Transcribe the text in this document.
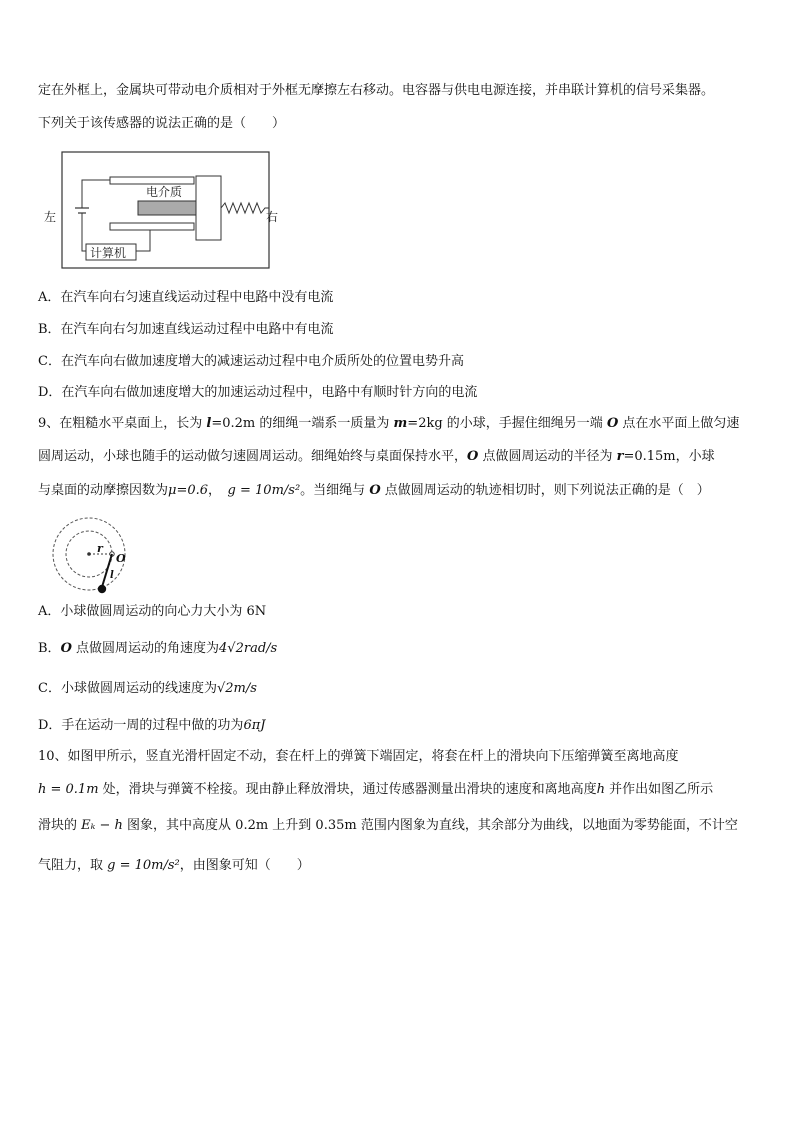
定在外框上，金属块可带动电介质相对于外框无摩擦左右移动。电容器与供电电源连接，并串联计算机的信号采集器。
下列关于该传感器的说法正确的是（　　）
电介质
计算机
左	右
A．在汽车向右匀速直线运动过程中电路中没有电流
B．在汽车向右匀加速直线运动过程中电路中有电流
C．在汽车向右做加速度增大的减速运动过程中电介质所处的位置电势升高
D．在汽车向右做加速度增大的加速运动过程中，电路中有顺时针方向的电流
9、在粗糙水平桌面上，长为 l=0.2m 的细绳一端系一质量为 m=2kg 的小球，手握住细绳另一端 O 点在水平面上做匀速
圆周运动，小球也随手的运动做匀速圆周运动。细绳始终与桌面保持水平，O 点做圆周运动的半径为 r=0.15m，小球
与桌面的动摩擦因数为μ=0.6，　g = 10m/s²。当细绳与 O 点做圆周运动的轨迹相切时，则下列说法正确的是（　）
r
O
l
A．小球做圆周运动的向心力大小为 6N
B．O 点做圆周运动的角速度为4√2rad/s
C．小球做圆周运动的线速度为√2m/s
D．手在运动一周的过程中做的功为6πJ
10、如图甲所示，竖直光滑杆固定不动，套在杆上的弹簧下端固定，将套在杆上的滑块向下压缩弹簧至离地高度
h = 0.1m 处，滑块与弹簧不栓接。现由静止释放滑块，通过传感器测量出滑块的速度和离地高度h 并作出如图乙所示
滑块的 Eₖ − h 图象，其中高度从 0.2m 上升到 0.35m 范围内图象为直线，其余部分为曲线，以地面为零势能面，不计空
气阻力，取 g = 10m/s²，由图象可知（　　）
